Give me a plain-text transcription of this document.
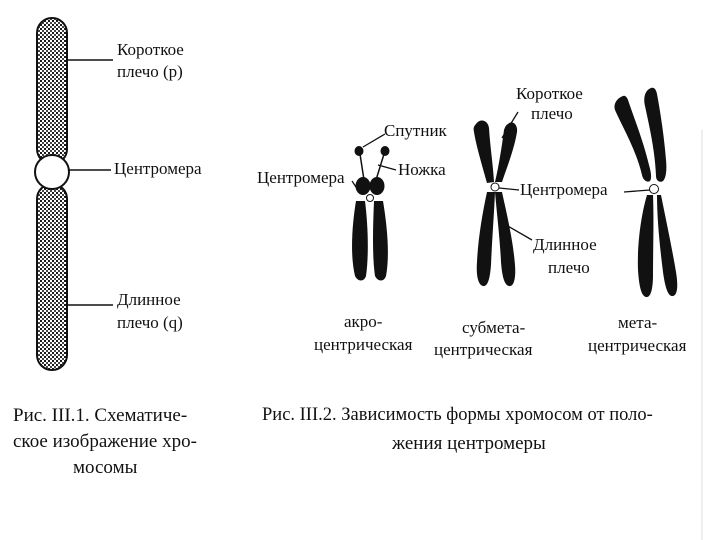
Короткое
плечо (р)
Центромера
Длинное
плечо (q)
Спутник
Ножка
Центромера
Короткое
плечо
Центромера
Длинное
плечо
акро-
центрическая
субмета-
центрическая
мета-
центрическая
Рис. III.1. Схематиче-
ское изображение хро-
мосомы
Рис. III.2. Зависимость формы хромосом от поло-
жения центромеры
